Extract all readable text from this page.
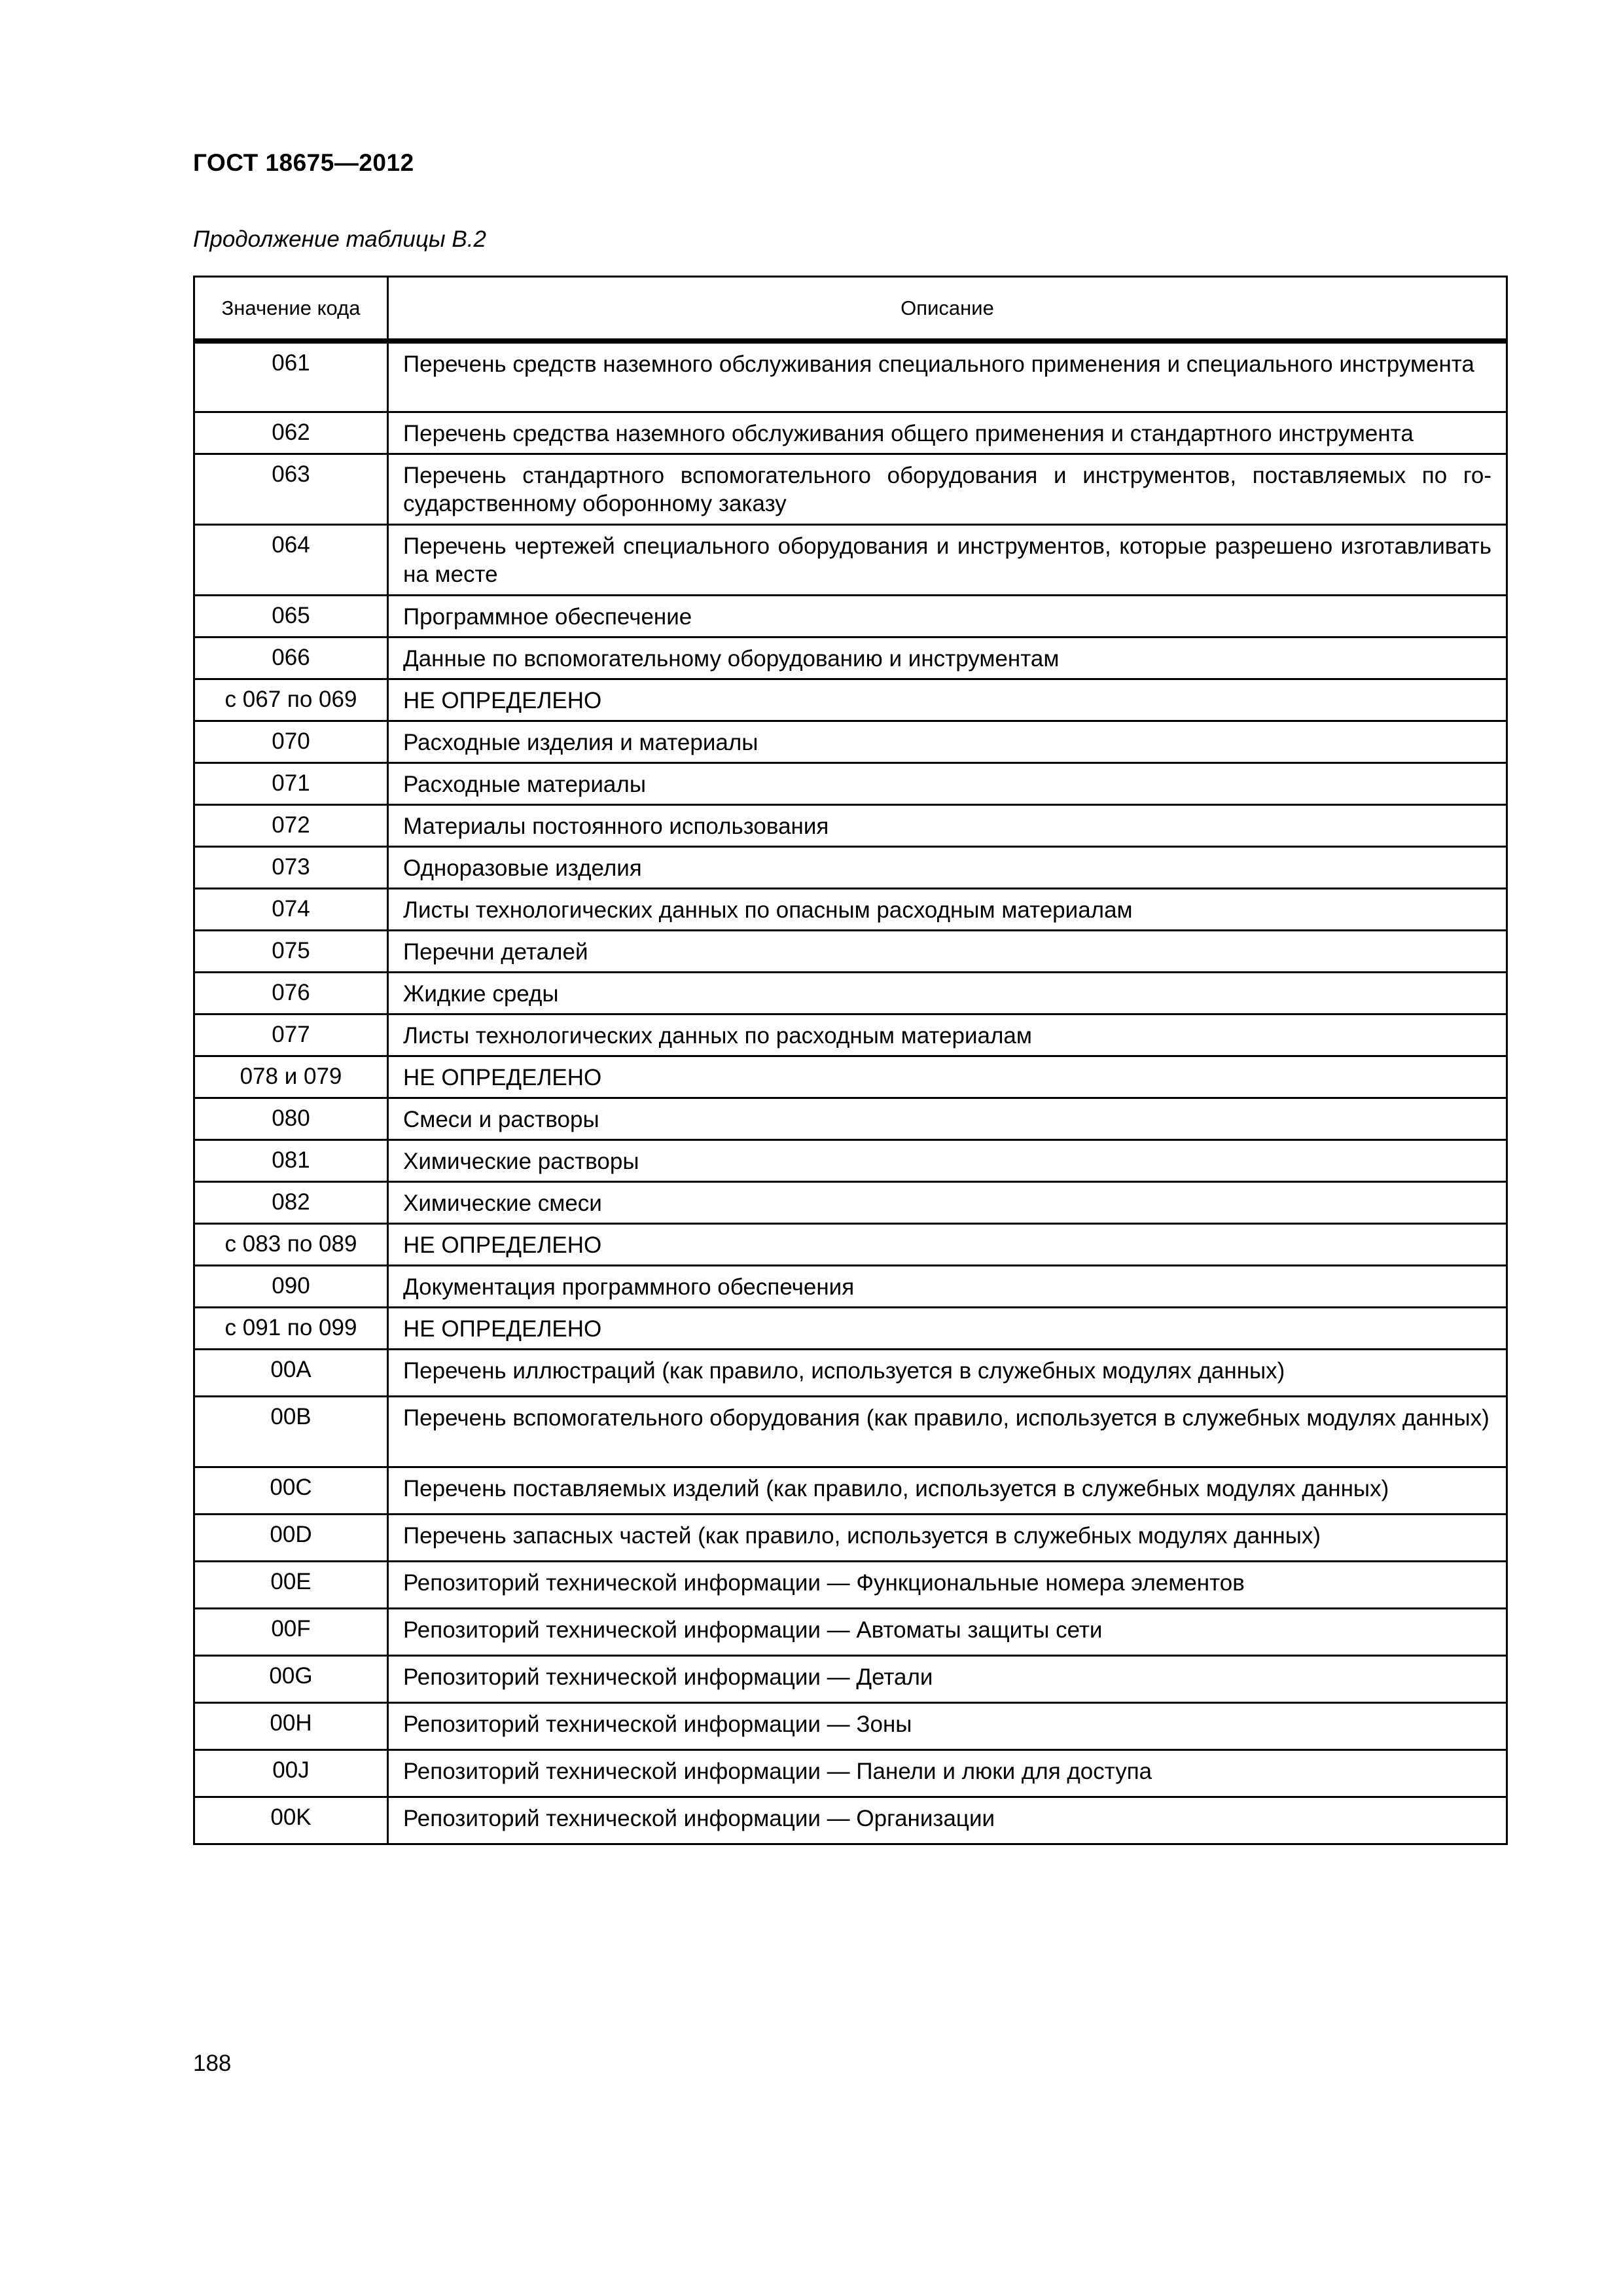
ГОСТ 18675—2012
Продолжение таблицы В.2
Значение кода	Описание
061	Перечень средств наземного обслуживания специального применения и специального инструмента
062	Перечень средства наземного обслуживания общего применения и стандартного инструмента
063	Перечень стандартного вспомогательного оборудования и инструментов, поставляемых по государственному оборонному заказу
064	Перечень чертежей специального оборудования и инструментов, которые разрешено изготавливать на месте
065	Программное обеспечение
066	Данные по вспомогательному оборудованию и инструментам
с 067 по 069	НЕ ОПРЕДЕЛЕНО
070	Расходные изделия и материалы
071	Расходные материалы
072	Материалы постоянного использования
073	Одноразовые изделия
074	Листы технологических данных по опасным расходным материалам
075	Перечни деталей
076	Жидкие среды
077	Листы технологических данных по расходным материалам
078 и 079	НЕ ОПРЕДЕЛЕНО
080	Смеси и растворы
081	Химические растворы
082	Химические смеси
с 083 по 089	НЕ ОПРЕДЕЛЕНО
090	Документация программного обеспечения
с 091 по 099	НЕ ОПРЕДЕЛЕНО
00A	Перечень иллюстраций (как правило, используется в служебных модулях данных)
00B	Перечень вспомогательного оборудования (как правило, используется в служебных модулях данных)
00C	Перечень поставляемых изделий (как правило, используется в служебных модулях данных)
00D	Перечень запасных частей (как правило, используется в служебных модулях данных)
00E	Репозиторий технической информации — Функциональные номера элементов
00F	Репозиторий технической информации — Автоматы защиты сети
00G	Репозиторий технической информации — Детали
00H	Репозиторий технической информации — Зоны
00J	Репозиторий технической информации — Панели и люки для доступа
00K	Репозиторий технической информации — Организации
188
